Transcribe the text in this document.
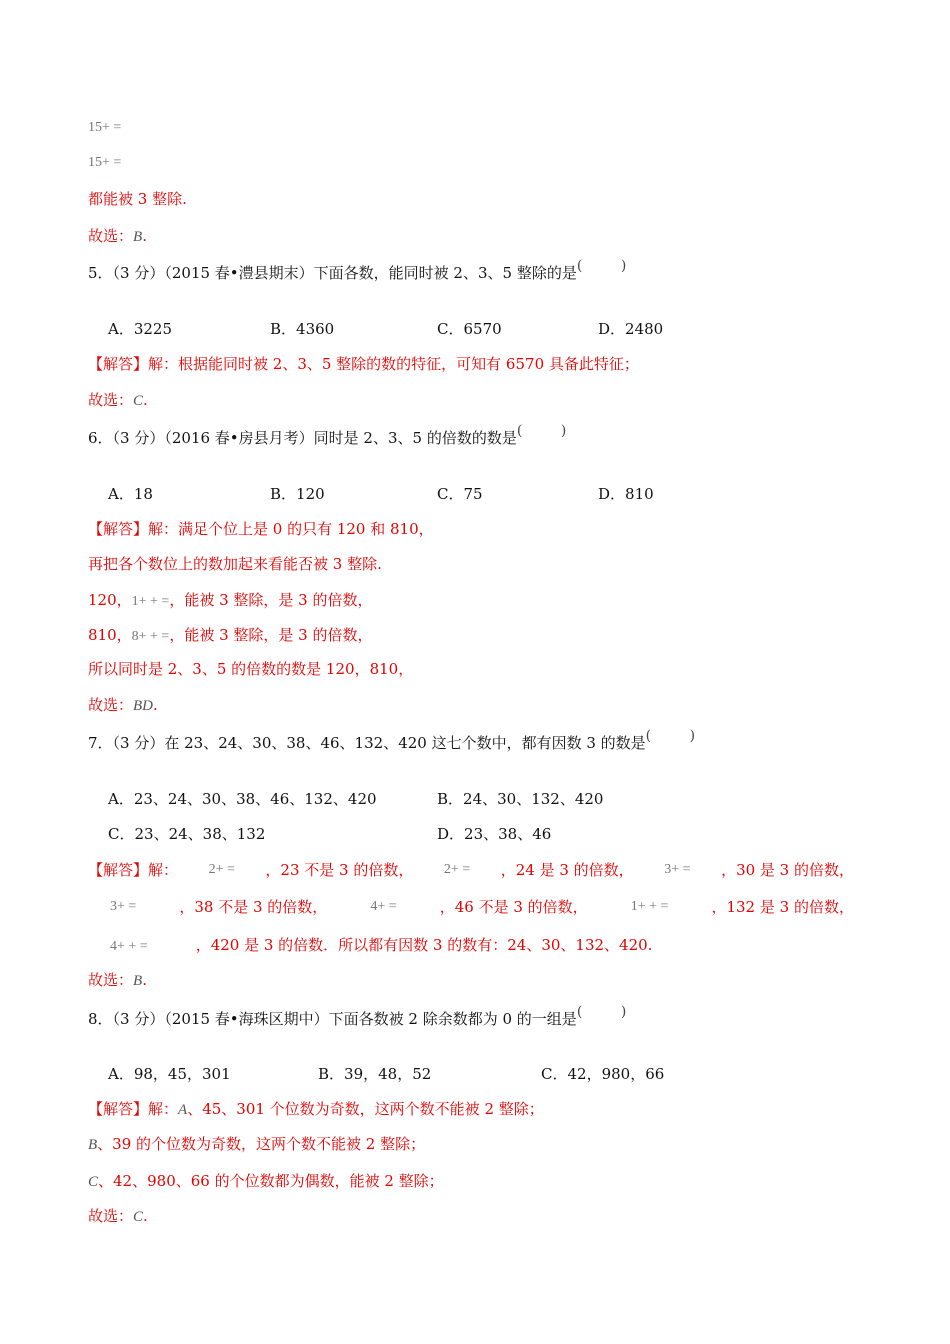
15+ =
15+ =
都能被 3 整除.
故选：B.
5．（3 分）（2015 春•澧县期末）下面各数，能同时被 2、3、5 整除的是(	)
A．3225	B．4360	C．6570	D．2480
【解答】解：根据能同时被 2、3、5 整除的数的特征，可知有 6570 具备此特征；
故选：C.
6．（3 分）（2016 春•房县月考）同时是 2、3、5 的倍数的数是(	)
A．18	B．120	C．75	D．810
【解答】解：满足个位上是 0 的只有 120 和 810，
再把各个数位上的数加起来看能否被 3 整除.
120，1+ + =，能被 3 整除，是 3 的倍数，
810，8+ + =，能被 3 整除，是 3 的倍数，
所以同时是 2、3、5 的倍数的数是 120，810，
故选：BD.
7．（3 分）在 23、24、30、38、46、132、420 这七个数中，都有因数 3 的数是(	)
A．23、24、30、38、46、132、420	B．24、30、132、420
C．23、24、38、132	D．23、38、46
【解答】解： 2+ = ，23 不是 3 的倍数， 2+ = ，24 是 3 的倍数， 3+ = ，30 是 3 的倍数，
3+ =	，38 不是 3 的倍数，	4+ =	，46 不是 3 的倍数，	1+ + =	，132 是 3 的倍数，
4+ + =	，420 是 3 的倍数．所以都有因数 3 的数有：24、30、132、420.
故选：B.
8．（3 分）（2015 春•海珠区期中）下面各数被 2 除余数都为 0 的一组是(	)
A．98，45，301	B．39，48，52	C．42，980，66
【解答】解：A、45、301 个位数为奇数，这两个数不能被 2 整除；
B、39 的个位数为奇数，这两个数不能被 2 整除；
C、42、980、66 的个位数都为偶数，能被 2 整除；
故选：C.
